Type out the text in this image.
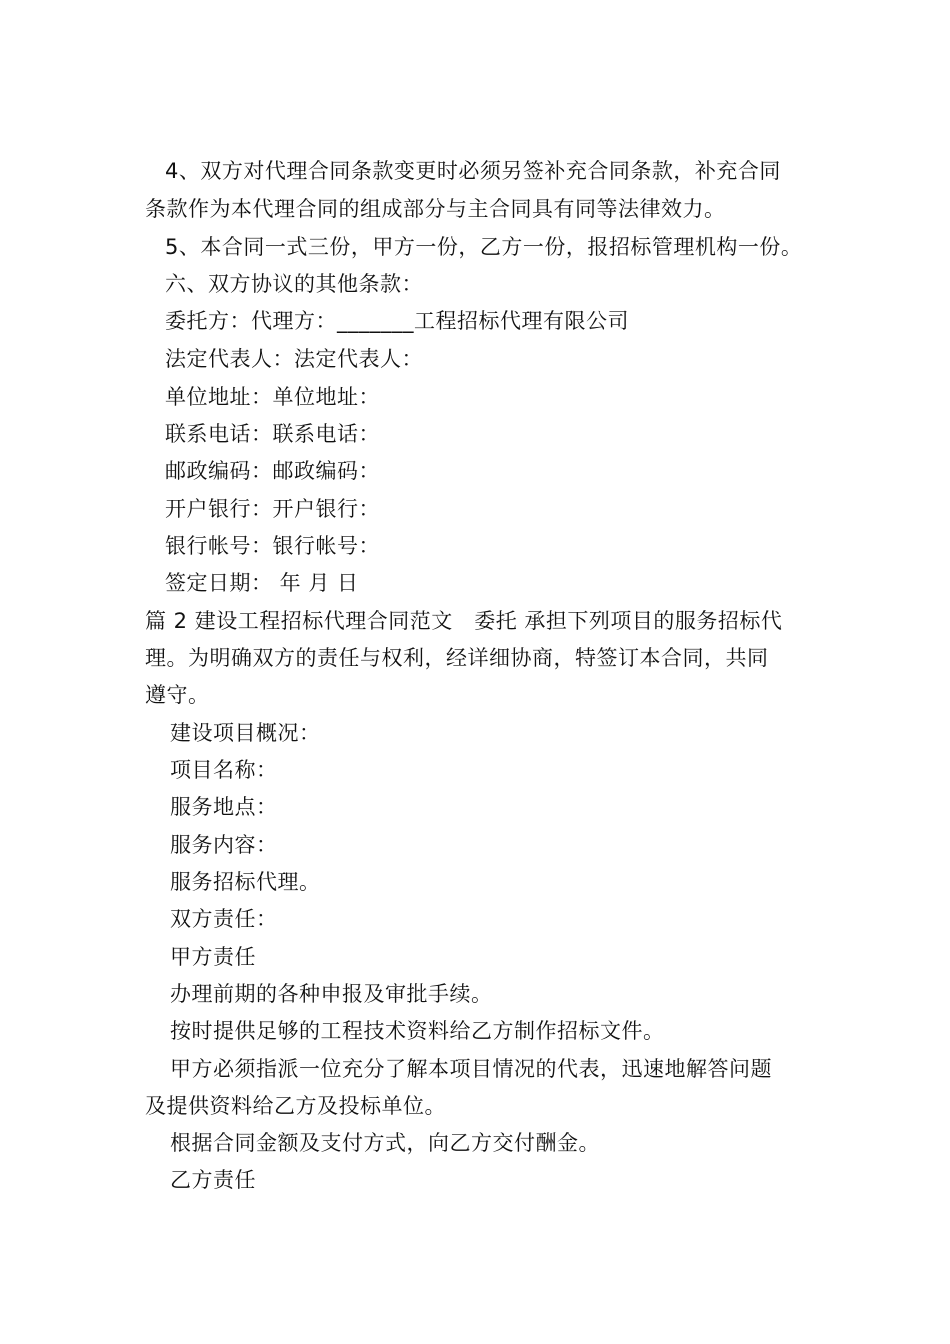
4、双方对代理合同条款变更时必须另签补充合同条款，补充合同
条款作为本代理合同的组成部分与主合同具有同等法律效力。
5、本合同一式三份，甲方一份，乙方一份，报招标管理机构一份。
六、双方协议的其他条款：
委托方：代理方：_______工程招标代理有限公司
法定代表人：法定代表人：
单位地址：单位地址：
联系电话：联系电话：
邮政编码：邮政编码：
开户银行：开户银行：
银行帐号：银行帐号：
签定日期： 年 月 日
篇 2 建设工程招标代理合同范文　委托 承担下列项目的服务招标代
理。为明确双方的责任与权利，经详细协商，特签订本合同，共同
遵守。
建设项目概况：
项目名称：
服务地点：
服务内容：
服务招标代理。
双方责任：
甲方责任
办理前期的各种申报及审批手续。
按时提供足够的工程技术资料给乙方制作招标文件。
甲方必须指派一位充分了解本项目情况的代表，迅速地解答问题
及提供资料给乙方及投标单位。
根据合同金额及支付方式，向乙方交付酬金。
乙方责任
